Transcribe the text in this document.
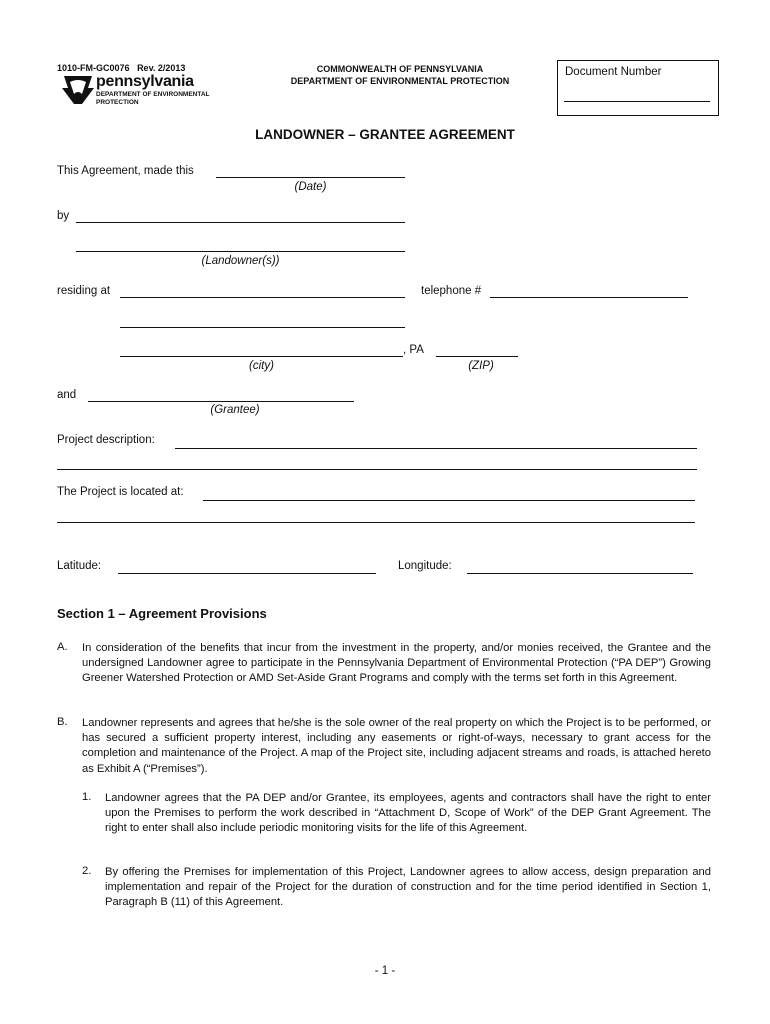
1010-FM-GC0076 Rev. 2/2013
pennsylvania
DEPARTMENT OF ENVIRONMENTAL
PROTECTION
COMMONWEALTH OF PENNSYLVANIA
DEPARTMENT OF ENVIRONMENTAL PROTECTION
Document Number
LANDOWNER – GRANTEE AGREEMENT
This Agreement, made this
(Date)
by
(Landowner(s))
residing at	telephone #
, PA
(city)	(ZIP)
and
(Grantee)
Project description:
The Project is located at:
Latitude:	Longitude:
Section 1 – Agreement Provisions
A. In consideration of the benefits that incur from the investment in the property, and/or monies received, the Grantee and the undersigned Landowner agree to participate in the Pennsylvania Department of Environmental Protection (“PA DEP”) Growing Greener Watershed Protection or AMD Set-Aside Grant Programs and comply with the terms set forth in this Agreement.
B. Landowner represents and agrees that he/she is the sole owner of the real property on which the Project is to be performed, or has secured a sufficient property interest, including any easements or right-of-ways, necessary to grant access for the completion and maintenance of the Project. A map of the Project site, including adjacent streams and roads, is attached hereto as Exhibit A (“Premises”).
1. Landowner agrees that the PA DEP and/or Grantee, its employees, agents and contractors shall have the right to enter upon the Premises to perform the work described in “Attachment D, Scope of Work” of the DEP Grant Agreement. The right to enter shall also include periodic monitoring visits for the life of this Agreement.
2. By offering the Premises for implementation of this Project, Landowner agrees to allow access, design preparation and implementation and repair of the Project for the duration of construction and for the time period identified in Section 1, Paragraph B (11) of this Agreement.
- 1 -
